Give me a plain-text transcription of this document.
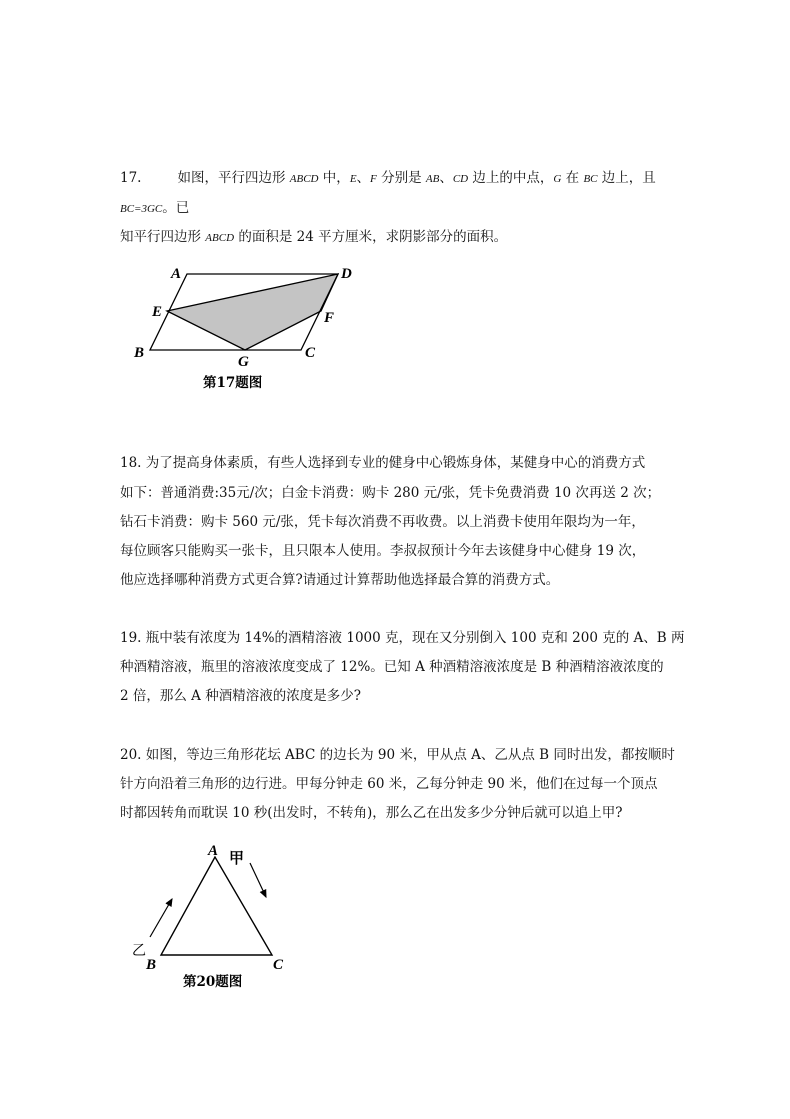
17.	如图，平行四边形 ABCD 中，E、F 分别是 AB、CD 边上的中点，G 在 BC 边上，且
BC=3GC。已
知平行四边形 ABCD 的面积是 24 平方厘米，求阴影部分的面积。
A	D
E	F
B
G
C
第17题图
18. 为了提高身体素质，有些人选择到专业的健身中心锻炼身体，某健身中心的消费方式
如下：普通消费:35元/次；白金卡消费：购卡 280 元/张，凭卡免费消费 10 次再送 2 次；
钻石卡消费：购卡 560 元/张，凭卡每次消费不再收费。以上消费卡使用年限均为一年，
每位顾客只能购买一张卡，且只限本人使用。李叔叔预计今年去该健身中心健身 19 次，
他应选择哪种消费方式更合算?请通过计算帮助他选择最合算的消费方式。
19. 瓶中装有浓度为 14%的酒精溶液 1000 克，现在又分别倒入 100 克和 200 克的 A、B 两
种酒精溶液，瓶里的溶液浓度变成了 12%。已知 A 种酒精溶液浓度是 B 种酒精溶液浓度的
2 倍，那么 A 种酒精溶液的浓度是多少?
20. 如图，等边三角形花坛 ABC 的边长为 90 米，甲从点 A、乙从点 B 同时出发，都按顺时
针方向沿着三角形的边行进。甲每分钟走 60 米，乙每分钟走 90 米，他们在过每一个顶点
时都因转角而耽误 10 秒(出发时，不转角)，那么乙在出发多少分钟后就可以追上甲?
A 甲
乙
B	C
第20题图
